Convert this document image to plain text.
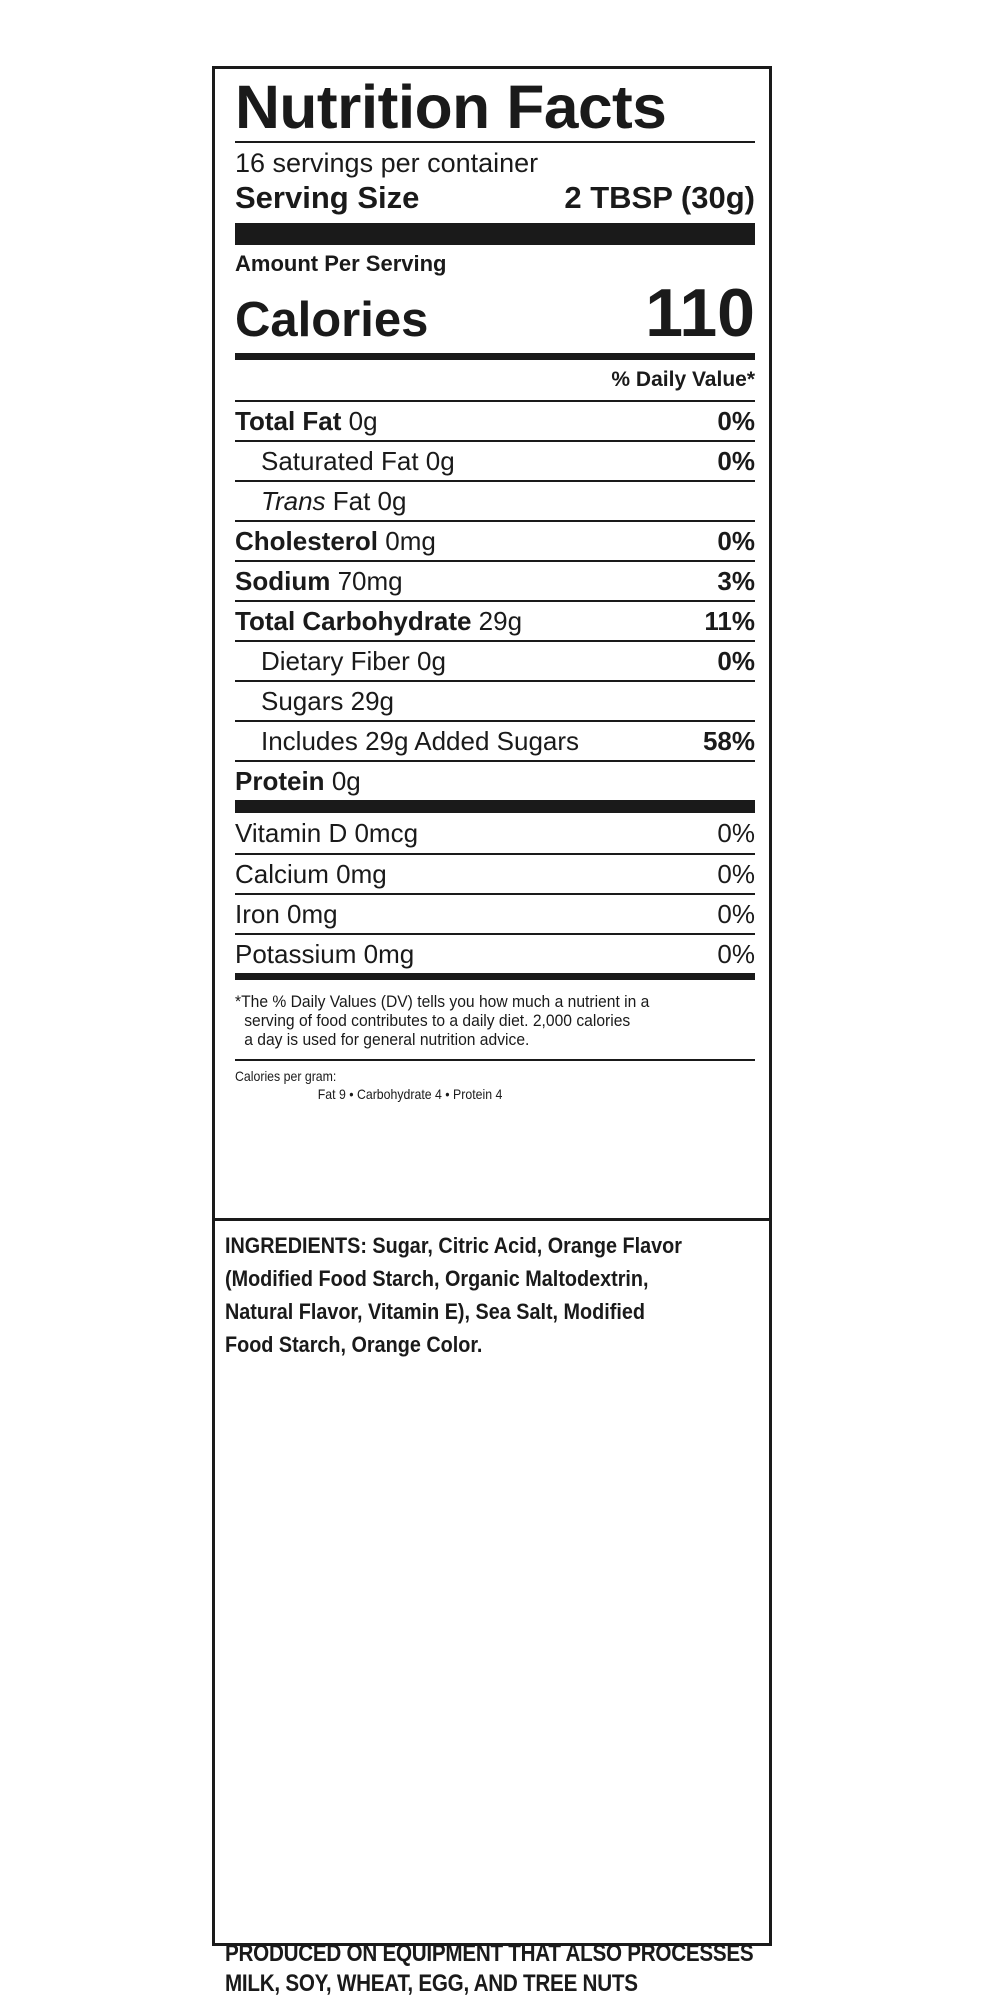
Nutrition Facts
16 servings per container
Serving Size	2 TBSP (30g)
Amount Per Serving
Calories	110
% Daily Value*
Total Fat 0g	0%
Saturated Fat 0g	0%
Trans Fat 0g
Cholesterol 0mg	0%
Sodium 70mg	3%
Total Carbohydrate 29g	11%
Dietary Fiber 0g	0%
Sugars 29g
Includes 29g Added Sugars	58%
Protein 0g
Vitamin D 0mcg	0%
Calcium 0mg	0%
Iron 0mg	0%
Potassium 0mg	0%
*The % Daily Values (DV) tells you how much a nutrient in a
serving of food contributes to a daily diet. 2,000 calories
a day is used for general nutrition advice.
Calories per gram:
Fat 9 • Carbohydrate 4 • Protein 4
INGREDIENTS: Sugar, Citric Acid, Orange Flavor
(Modified Food Starch, Organic Maltodextrin,
Natural Flavor, Vitamin E), Sea Salt, Modified
Food Starch, Orange Color.
PRODUCED ON EQUIPMENT THAT ALSO PROCESSES
MILK, SOY, WHEAT, EGG, AND TREE NUTS
